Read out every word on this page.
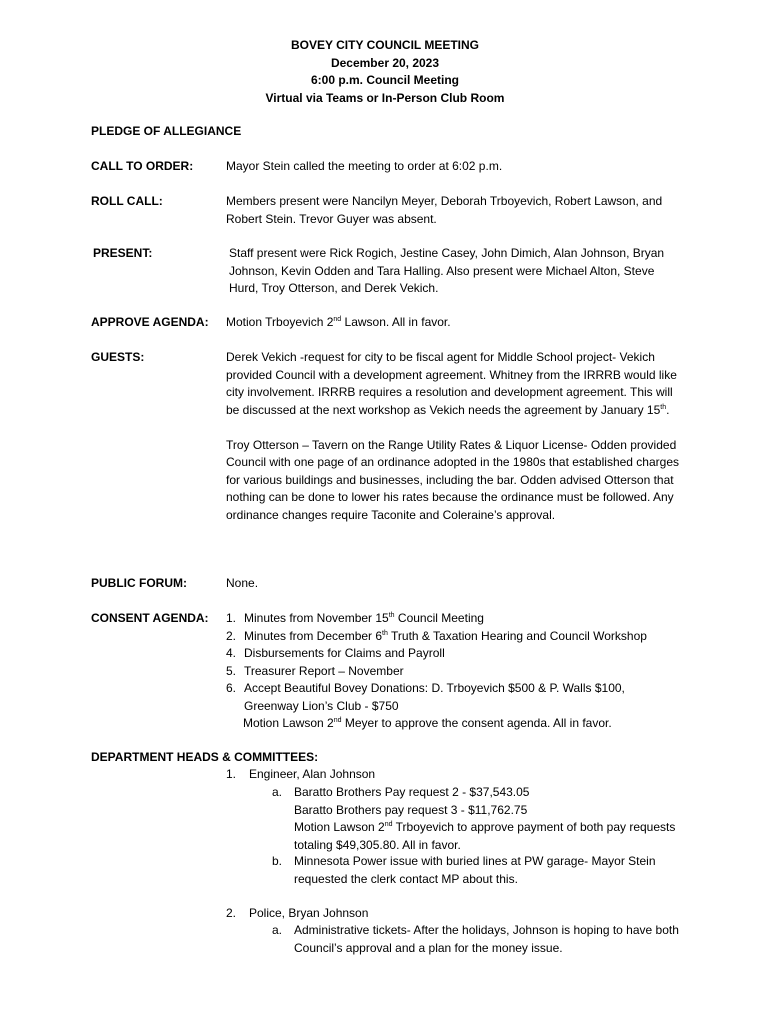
BOVEY CITY COUNCIL MEETING
December 20, 2023
6:00 p.m. Council Meeting
Virtual via Teams or In-Person Club Room
PLEDGE OF ALLEGIANCE
CALL TO ORDER:	Mayor Stein called the meeting to order at 6:02 p.m.
ROLL CALL:	Members present were Nancilyn Meyer, Deborah Trboyevich, Robert Lawson, and Robert Stein. Trevor Guyer was absent.
PRESENT:	Staff present were Rick Rogich, Jestine Casey, John Dimich, Alan Johnson, Bryan Johnson, Kevin Odden and Tara Halling. Also present were Michael Alton, Steve Hurd, Troy Otterson, and Derek Vekich.
APPROVE AGENDA: Motion Trboyevich 2nd Lawson. All in favor.
GUESTS:	Derek Vekich -request for city to be fiscal agent for Middle School project- Vekich provided Council with a development agreement. Whitney from the IRRRB would like city involvement. IRRRB requires a resolution and development agreement. This will be discussed at the next workshop as Vekich needs the agreement by January 15th.

Troy Otterson – Tavern on the Range Utility Rates & Liquor License- Odden provided Council with one page of an ordinance adopted in the 1980s that established charges for various buildings and businesses, including the bar. Odden advised Otterson that nothing can be done to lower his rates because the ordinance must be followed. Any ordinance changes require Taconite and Coleraine’s approval.

PUBLIC FORUM:	None.
CONSENT AGENDA: 1. Minutes from November 15th Council Meeting
2. Minutes from December 6th Truth & Taxation Hearing and Council Workshop
4. Disbursements for Claims and Payroll
5. Treasurer Report – November
6. Accept Beautiful Bovey Donations: D. Trboyevich $500 & P. Walls $100, Greenway Lion’s Club - $750

Motion Lawson 2nd Meyer to approve the consent agenda. All in favor.

DEPARTMENT HEADS & COMMITTEES:
1. Engineer, Alan Johnson
a. Baratto Brothers Pay request 2 - $37,543.05
Baratto Brothers pay request 3 - $11,762.75
Motion Lawson 2nd Trboyevich to approve payment of both pay requests totaling $49,305.80. All in favor.
b. Minnesota Power issue with buried lines at PW garage- Mayor Stein requested the clerk contact MP about this.
2. Police, Bryan Johnson
a. Administrative tickets- After the holidays, Johnson is hoping to have both Council’s approval and a plan for the money issue.
